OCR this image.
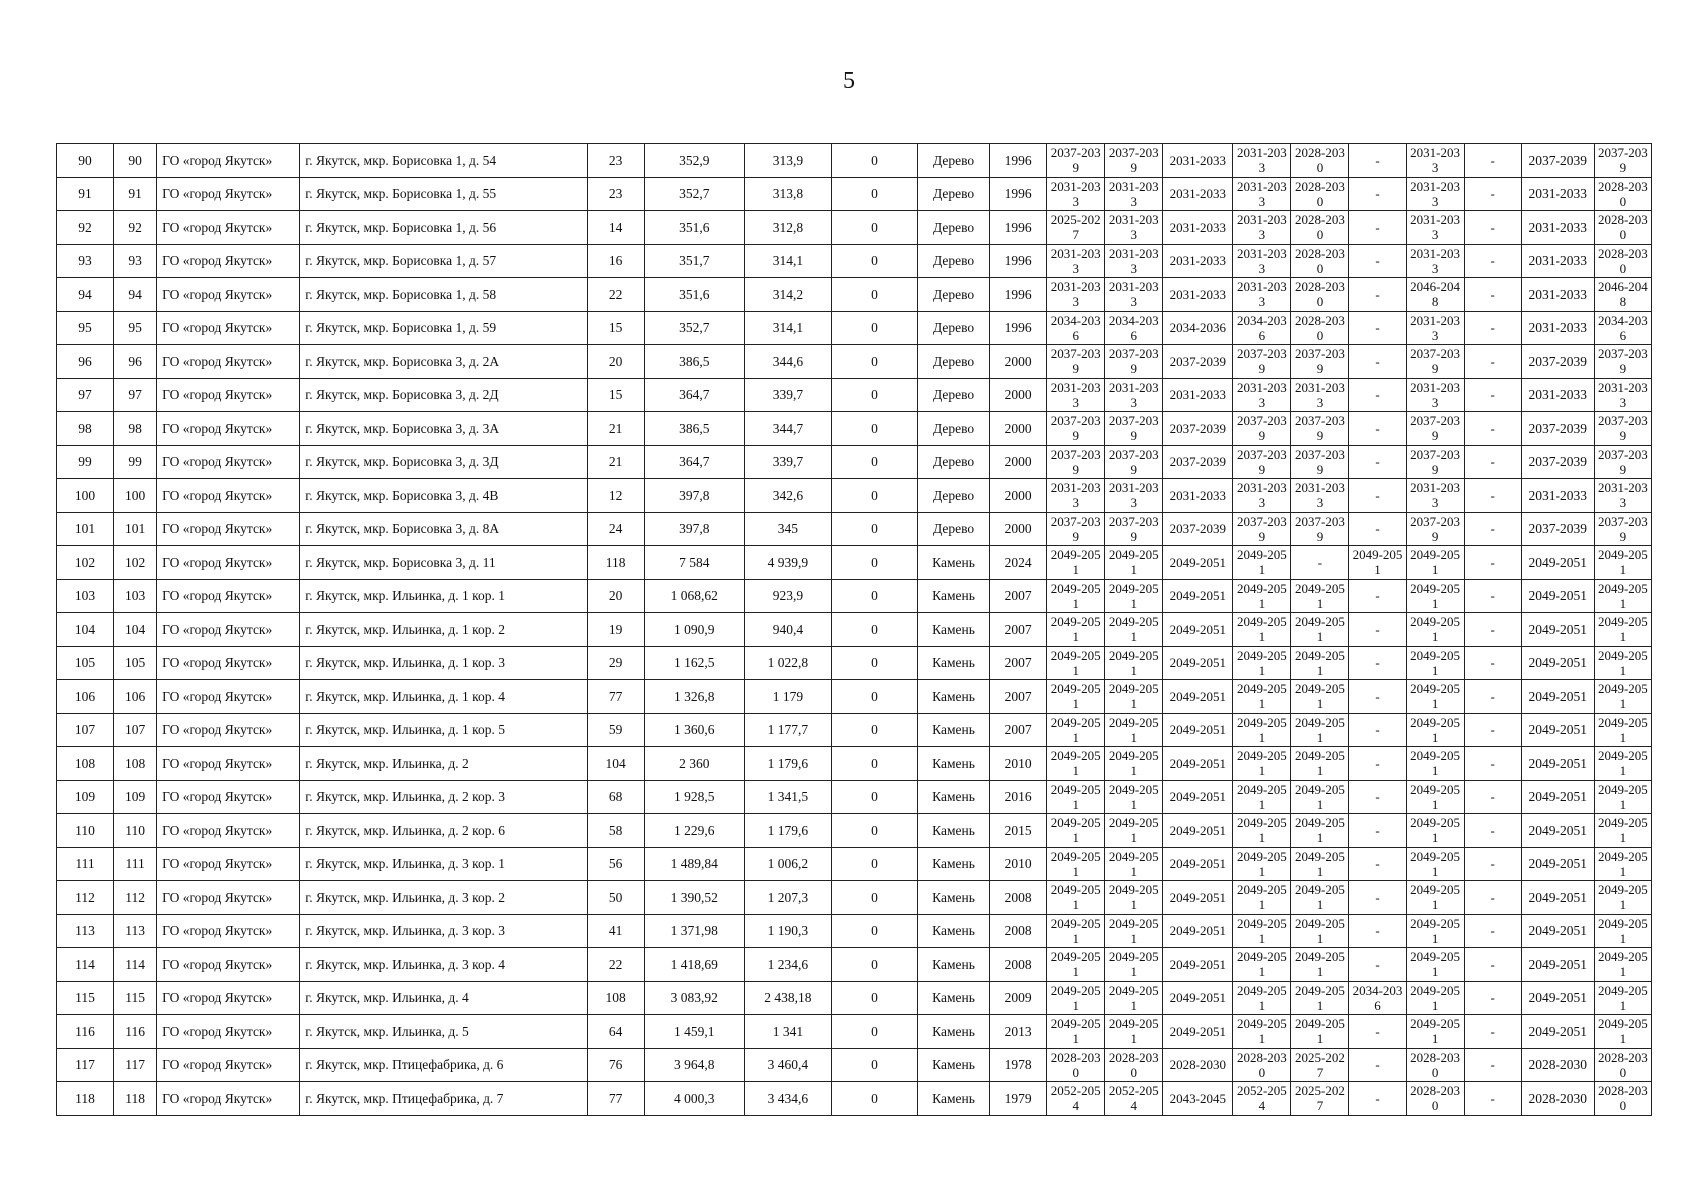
5
90	90	ГО «город Якутск»	г. Якутск, мкр. Борисовка 1, д. 54	23	352,9	313,9	0	Дерево	1996	2037-2039	2037-2039	2031-2033	2031-2033	2028-2030	-	2031-2033	-	2037-2039	2037-2039
91	91	ГО «город Якутск»	г. Якутск, мкр. Борисовка 1, д. 55	23	352,7	313,8	0	Дерево	1996	2031-2033	2031-2033	2031-2033	2031-2033	2028-2030	-	2031-2033	-	2031-2033	2028-2030
92	92	ГО «город Якутск»	г. Якутск, мкр. Борисовка 1, д. 56	14	351,6	312,8	0	Дерево	1996	2025-2027	2031-2033	2031-2033	2031-2033	2028-2030	-	2031-2033	-	2031-2033	2028-2030
93	93	ГО «город Якутск»	г. Якутск, мкр. Борисовка 1, д. 57	16	351,7	314,1	0	Дерево	1996	2031-2033	2031-2033	2031-2033	2031-2033	2028-2030	-	2031-2033	-	2031-2033	2028-2030
94	94	ГО «город Якутск»	г. Якутск, мкр. Борисовка 1, д. 58	22	351,6	314,2	0	Дерево	1996	2031-2033	2031-2033	2031-2033	2031-2033	2028-2030	-	2046-2048	-	2031-2033	2046-2048
95	95	ГО «город Якутск»	г. Якутск, мкр. Борисовка 1, д. 59	15	352,7	314,1	0	Дерево	1996	2034-2036	2034-2036	2034-2036	2034-2036	2028-2030	-	2031-2033	-	2031-2033	2034-2036
96	96	ГО «город Якутск»	г. Якутск, мкр. Борисовка 3, д. 2А	20	386,5	344,6	0	Дерево	2000	2037-2039	2037-2039	2037-2039	2037-2039	2037-2039	-	2037-2039	-	2037-2039	2037-2039
97	97	ГО «город Якутск»	г. Якутск, мкр. Борисовка 3, д. 2Д	15	364,7	339,7	0	Дерево	2000	2031-2033	2031-2033	2031-2033	2031-2033	2031-2033	-	2031-2033	-	2031-2033	2031-2033
98	98	ГО «город Якутск»	г. Якутск, мкр. Борисовка 3, д. 3А	21	386,5	344,7	0	Дерево	2000	2037-2039	2037-2039	2037-2039	2037-2039	2037-2039	-	2037-2039	-	2037-2039	2037-2039
99	99	ГО «город Якутск»	г. Якутск, мкр. Борисовка 3, д. 3Д	21	364,7	339,7	0	Дерево	2000	2037-2039	2037-2039	2037-2039	2037-2039	2037-2039	-	2037-2039	-	2037-2039	2037-2039
100	100	ГО «город Якутск»	г. Якутск, мкр. Борисовка 3, д. 4В	12	397,8	342,6	0	Дерево	2000	2031-2033	2031-2033	2031-2033	2031-2033	2031-2033	-	2031-2033	-	2031-2033	2031-2033
101	101	ГО «город Якутск»	г. Якутск, мкр. Борисовка 3, д. 8А	24	397,8	345	0	Дерево	2000	2037-2039	2037-2039	2037-2039	2037-2039	2037-2039	-	2037-2039	-	2037-2039	2037-2039
102	102	ГО «город Якутск»	г. Якутск, мкр. Борисовка 3, д. 11	118	7 584	4 939,9	0	Камень	2024	2049-2051	2049-2051	2049-2051	2049-2051	-	2049-2051	2049-2051	-	2049-2051	2049-2051
103	103	ГО «город Якутск»	г. Якутск, мкр. Ильинка, д. 1 кор. 1	20	1 068,62	923,9	0	Камень	2007	2049-2051	2049-2051	2049-2051	2049-2051	2049-2051	-	2049-2051	-	2049-2051	2049-2051
104	104	ГО «город Якутск»	г. Якутск, мкр. Ильинка, д. 1 кор. 2	19	1 090,9	940,4	0	Камень	2007	2049-2051	2049-2051	2049-2051	2049-2051	2049-2051	-	2049-2051	-	2049-2051	2049-2051
105	105	ГО «город Якутск»	г. Якутск, мкр. Ильинка, д. 1 кор. 3	29	1 162,5	1 022,8	0	Камень	2007	2049-2051	2049-2051	2049-2051	2049-2051	2049-2051	-	2049-2051	-	2049-2051	2049-2051
106	106	ГО «город Якутск»	г. Якутск, мкр. Ильинка, д. 1 кор. 4	77	1 326,8	1 179	0	Камень	2007	2049-2051	2049-2051	2049-2051	2049-2051	2049-2051	-	2049-2051	-	2049-2051	2049-2051
107	107	ГО «город Якутск»	г. Якутск, мкр. Ильинка, д. 1 кор. 5	59	1 360,6	1 177,7	0	Камень	2007	2049-2051	2049-2051	2049-2051	2049-2051	2049-2051	-	2049-2051	-	2049-2051	2049-2051
108	108	ГО «город Якутск»	г. Якутск, мкр. Ильинка, д. 2	104	2 360	1 179,6	0	Камень	2010	2049-2051	2049-2051	2049-2051	2049-2051	2049-2051	-	2049-2051	-	2049-2051	2049-2051
109	109	ГО «город Якутск»	г. Якутск, мкр. Ильинка, д. 2 кор. 3	68	1 928,5	1 341,5	0	Камень	2016	2049-2051	2049-2051	2049-2051	2049-2051	2049-2051	-	2049-2051	-	2049-2051	2049-2051
110	110	ГО «город Якутск»	г. Якутск, мкр. Ильинка, д. 2 кор. 6	58	1 229,6	1 179,6	0	Камень	2015	2049-2051	2049-2051	2049-2051	2049-2051	2049-2051	-	2049-2051	-	2049-2051	2049-2051
111	111	ГО «город Якутск»	г. Якутск, мкр. Ильинка, д. 3 кор. 1	56	1 489,84	1 006,2	0	Камень	2010	2049-2051	2049-2051	2049-2051	2049-2051	2049-2051	-	2049-2051	-	2049-2051	2049-2051
112	112	ГО «город Якутск»	г. Якутск, мкр. Ильинка, д. 3 кор. 2	50	1 390,52	1 207,3	0	Камень	2008	2049-2051	2049-2051	2049-2051	2049-2051	2049-2051	-	2049-2051	-	2049-2051	2049-2051
113	113	ГО «город Якутск»	г. Якутск, мкр. Ильинка, д. 3 кор. 3	41	1 371,98	1 190,3	0	Камень	2008	2049-2051	2049-2051	2049-2051	2049-2051	2049-2051	-	2049-2051	-	2049-2051	2049-2051
114	114	ГО «город Якутск»	г. Якутск, мкр. Ильинка, д. 3 кор. 4	22	1 418,69	1 234,6	0	Камень	2008	2049-2051	2049-2051	2049-2051	2049-2051	2049-2051	-	2049-2051	-	2049-2051	2049-2051
115	115	ГО «город Якутск»	г. Якутск, мкр. Ильинка, д. 4	108	3 083,92	2 438,18	0	Камень	2009	2049-2051	2049-2051	2049-2051	2049-2051	2049-2051	2034-2036	2049-2051	-	2049-2051	2049-2051
116	116	ГО «город Якутск»	г. Якутск, мкр. Ильинка, д. 5	64	1 459,1	1 341	0	Камень	2013	2049-2051	2049-2051	2049-2051	2049-2051	2049-2051	-	2049-2051	-	2049-2051	2049-2051
117	117	ГО «город Якутск»	г. Якутск, мкр. Птицефабрика, д. 6	76	3 964,8	3 460,4	0	Камень	1978	2028-2030	2028-2030	2028-2030	2028-2030	2025-2027	-	2028-2030	-	2028-2030	2028-2030
118	118	ГО «город Якутск»	г. Якутск, мкр. Птицефабрика, д. 7	77	4 000,3	3 434,6	0	Камень	1979	2052-2054	2052-2054	2043-2045	2052-2054	2025-2027	-	2028-2030	-	2028-2030	2028-2030
